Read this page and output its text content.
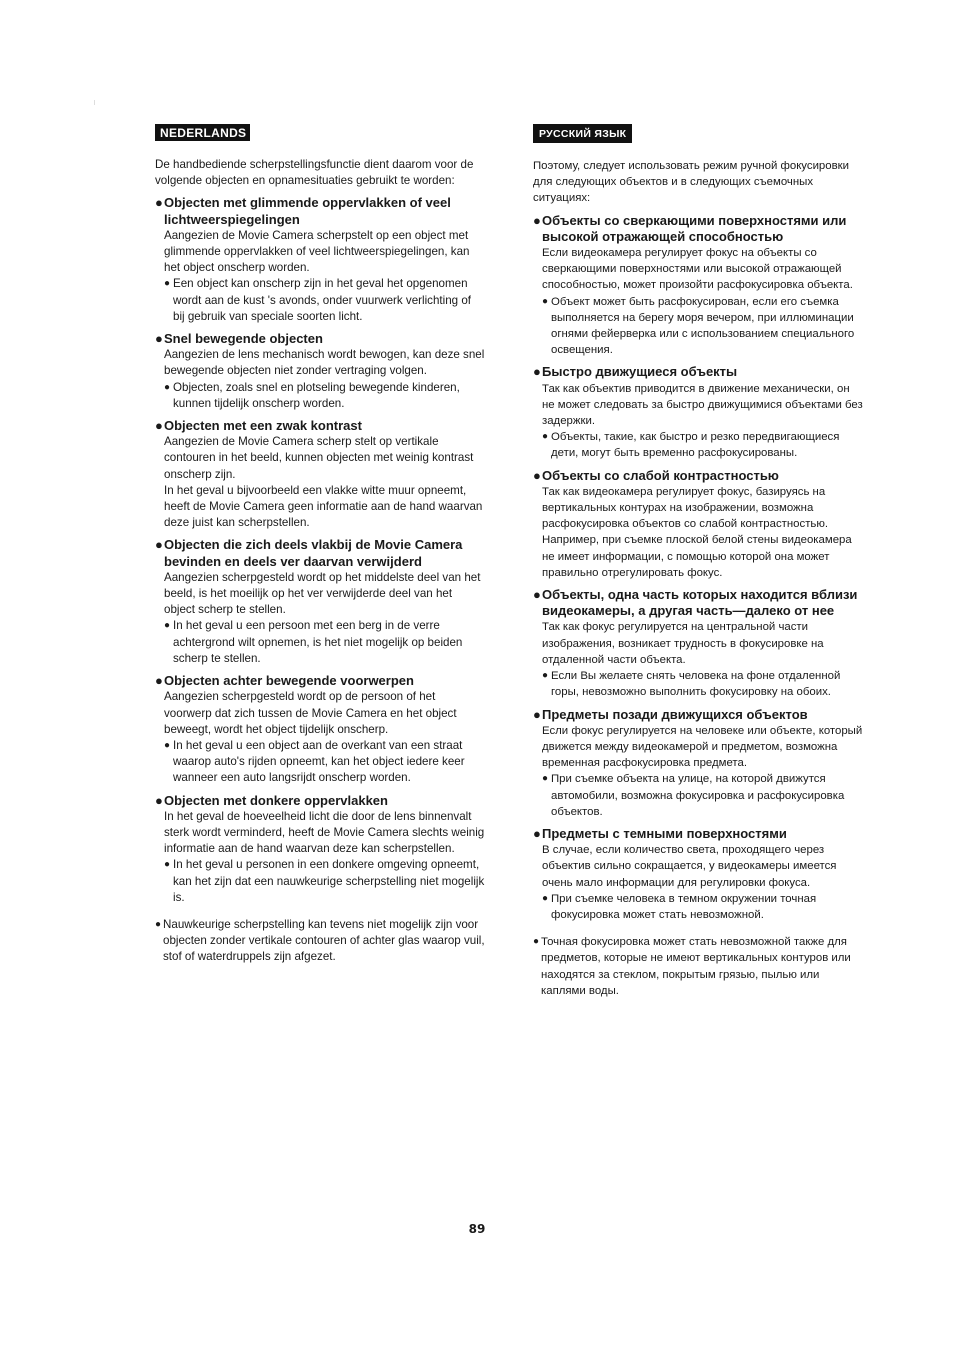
NEDERLANDS

De handbediende scherpstellingsfunctie dient daarom voor de volgende objecten en opnamesituaties gebruikt te worden:

● Objecten met glimmende oppervlakken of veel lichtweerspiegelingen
Aangezien de Movie Camera scherpstelt op een object met glimmende oppervlakken of veel lichtweerspiegelingen, kan het object onscherp worden.
● Een object kan onscherp zijn in het geval het opgenomen wordt aan de kust 's avonds, onder vuurwerk verlichting of bij gebruik van speciale soorten licht.
● Snel bewegende objecten
Aangezien de lens mechanisch wordt bewogen, kan deze snel bewegende objecten niet zonder vertraging volgen.
● Objecten, zoals snel en plotseling bewegende kinderen, kunnen tijdelijk onscherp worden.
● Objecten met een zwak kontrast
Aangezien de Movie Camera scherp stelt op vertikale contouren in het beeld, kunnen objecten met weinig kontrast onscherp zijn.
In het geval u bijvoorbeeld een vlakke witte muur opneemt, heeft de Movie Camera geen informatie aan de hand waarvan deze juist kan scherpstellen.
● Objecten die zich deels vlakbij de Movie Camera bevinden en deels ver daarvan verwijderd
Aangezien scherpgesteld wordt op het middelste deel van het beeld, is het moeilijk op het ver verwijderde deel van het object scherp te stellen.
● In het geval u een persoon met een berg in de verre achtergrond wilt opnemen, is het niet mogelijk op beiden scherp te stellen.
● Objecten achter bewegende voorwerpen
Aangezien scherpgesteld wordt op de persoon of het voorwerp dat zich tussen de Movie Camera en het object beweegt, wordt het object tijdelijk onscherp.
● In het geval u een object aan de overkant van een straat waarop auto's rijden opneemt, kan het object iedere keer wanneer een auto langsrijdt onscherp worden.
● Objecten met donkere oppervlakken
In het geval de hoeveelheid licht die door de lens binnenvalt sterk wordt verminderd, heeft de Movie Camera slechts weinig informatie aan de hand waarvan deze kan scherpstellen.
● In het geval u personen in een donkere omgeving opneemt, kan het zijn dat een nauwkeurige scherpstelling niet mogelijk is.
● Nauwkeurige scherpstelling kan tevens niet mogelijk zijn voor objecten zonder vertikale contouren of achter glas waarop vuil, stof of waterdruppels zijn afgezet.
РУССКИЙ ЯЗЫК

Поэтому, следует использовать режим ручной фокусировки для следующих объектов и в следующих съемочных ситуациях:

● Объекты со сверкающими поверхностями или высокой отражающей способностью
Если видеокамера регулирует фокус на объекты со сверкающими поверхностями или высокой отражающей способностью, может произойти расфокусировка объекта.
● Объект может быть расфокусирован, если его съемка выполняется на берегу моря вечером, при иллюминации огнями фейерверка или с использованием специального освещения.
● Быстро движущиеся объекты
Так как объектив приводится в движение механически, он не может следовать за быстро движущимися объектами без задержки.
● Объекты, такие, как быстро и резко передвигающиеся дети, могут быть временно расфокусированы.
● Объекты со слабой контрастностью
Так как видеокамера регулирует фокус, базируясь на вертикальных контурах на изображении, возможна расфокусировка объектов со слабой контрастностью.
Например, при съемке плоской белой стены видеокамера не имеет информации, с помощью которой она может правильно отрегулировать фокус.
● Объекты, одна часть которых находится вблизи видеокамеры, а другая часть—далеко от нее
Так как фокус регулируется на центральной части изображения, возникает трудность в фокусировке на отдаленной части объекта.
● Если Вы желаете снять человека на фоне отдаленной горы, невозможно выполнить фокусировку на обоих.
● Предметы позади движущихся объектов
Если фокус регулируется на человеке или объекте, который движется между видеокамерой и предметом, возможна временная расфокусировка предмета.
● При съемке объекта на улице, на которой движутся автомобили, возможна фокусировка и расфокусировка объектов.
● Предметы с темными поверхностями
В случае, если количество света, проходящего через объектив сильно сокращается, у видеокамеры имеется очень мало информации для регулировки фокуса.
● При съемке человека в темном окружении точная фокусировка может стать невозможной.
● Точная фокусировка может стать невозможной также для предметов, которые не имеют вертикальных контуров или находятся за стеклом, покрытым грязью, пылью или каплями воды.
89
